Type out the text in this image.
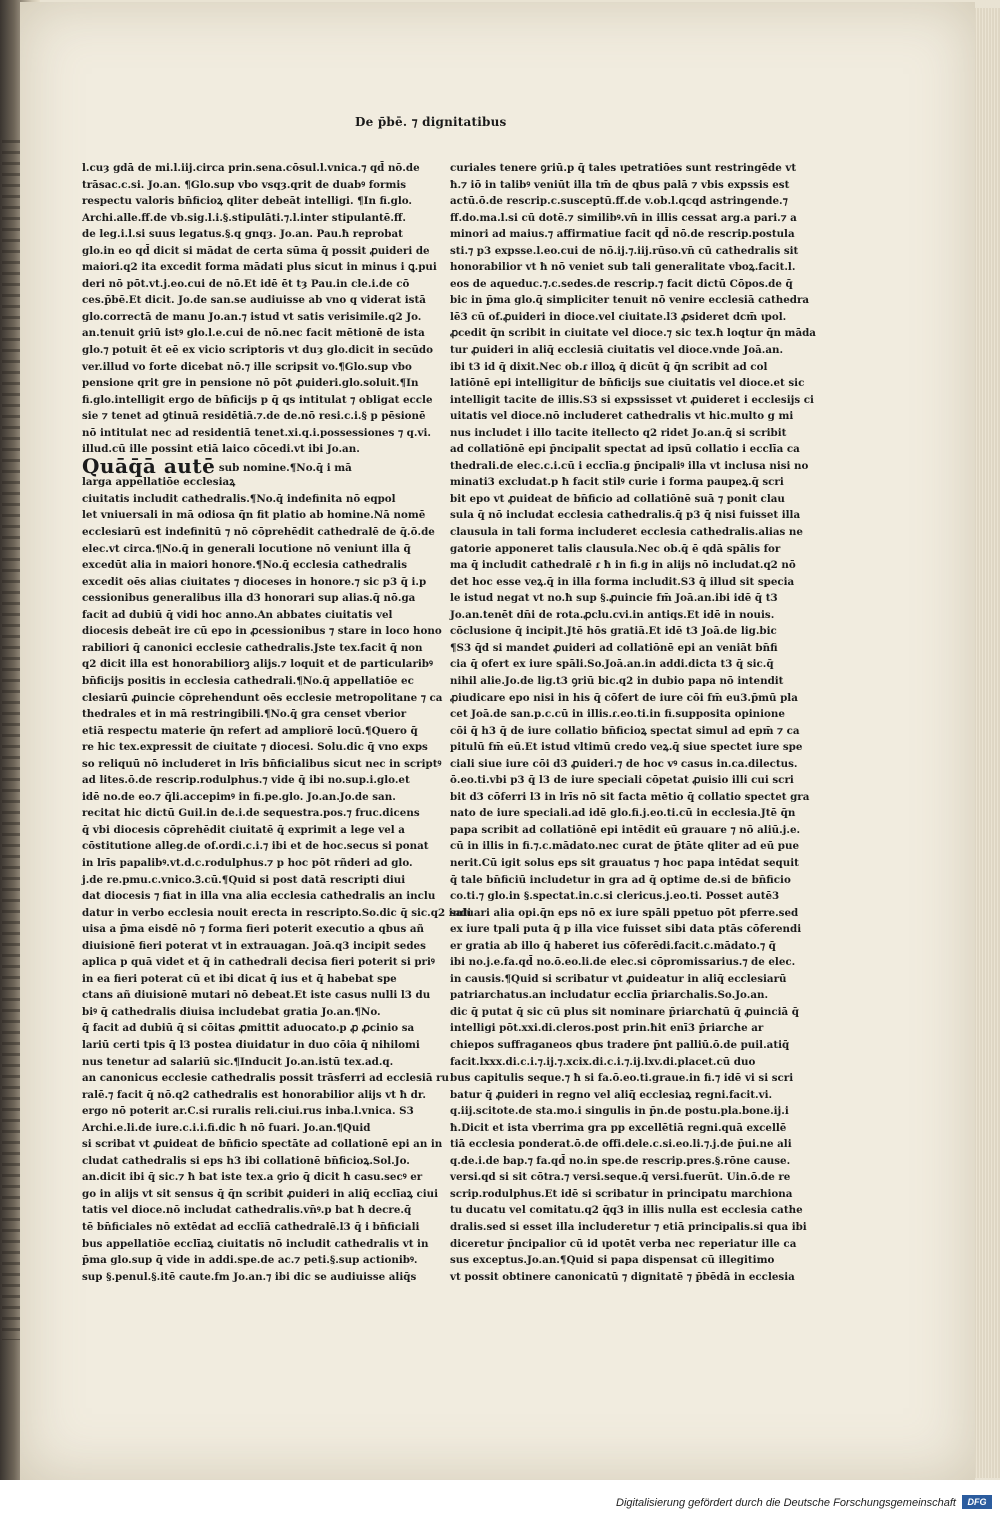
De p̄bē. ⁊ dignitatibus
l.cuȝ gdā de mi.l.iij.circa prin.sena.cōsul.l.vnica.⁊ qd̄ nō.de
trāsac.c.si. Jo.an. ¶Glo.sup vbo vsqȝ.qrit de duabꝰ formis
respectu valoris bn̄ficioꝝ qliter debeāt intelligi. ¶In fi.glo.
Archi.alle.ff.de vb.sig.l.i.§.stipulāti.⁊.l.inter stipulantē.ff.
de leg.i.l.si suus legatus.§.q gnqȝ. Jo.an. Pau.ħ reprobat
glo.in eo qd̄ dicit si mādat de certa sūma q̄ possit ꝓuideri de
maiori.q2 ita excedit forma mādati plus sicut in minus i ꝗ.pui
deri nō pōt.vt.j.eo.cui de nō.Et idē ēt tȝ Pau.in cle.i.de cō
ces.p̄bē.Et dicit. Jo.de san.se audiuisse ab vno q viderat istā
glo.correctā de manu Jo.an.⁊ istud vt satis verisimile.q2 Jo.
an.tenuit ꝯriū istꝰ glo.l.e.cui de nō.nec facit mētionē de ista
glo.⁊ potuit ēt eē ex vicio scriptoris vt duȝ glo.dicit in secūdo
ver.illud vo forte dicebat nō.⁊ ille scripsit vo.¶Glo.sup vbo
pensione qrit gre in pensione nō pōt ꝓuideri.glo.soluit.¶In
fi.glo.intelligit ergo de bn̄ficijs p q̄ qs intitulat ⁊ obligat eccle
sie ⁊ tenet ad ꝯtinuā residētiā.⁊.de de.nō resi.c.i.§ p pēsionē
nō intitulat nec ad residentiā tenet.xi.q.i.possessiones ⁊ q.vi.
illud.cū ille possint etiā laico cōcedi.vt ibi Jo.an.
Quāq̄ā autē sub nomine.¶No.q̄ i mā
larga appellatiōe ecclesiaꝝ
ciuitatis includit cathedralis.¶No.q̄ indefinita nō eqpol
let vniuersali in mā odiosa q̄n fit platio ab homine.Nā nomē
ecclesiarū est indefinitū ⁊ nō cōprehēdit cathedralē de q̄.ō.de
elec.vt circa.¶No.q̄ in generali locutione nō veniunt illa q̄
excedūt alia in maiori honore.¶No.q̄ ecclesia cathedralis
excedit oēs alias ciuitates ⁊ dioceses in honore.⁊ sic p3 q̄ i.p
cessionibus generalibus illa d3 honorari sup alias.q̄ nō.ga
facit ad dubiū q̄ vidi hoc anno.An abbates ciuitatis vel
diocesis debeāt ire cū epo in ꝓcessionibus ⁊ stare in loco hono
rabiliori q̄ canonici ecclesie cathedralis.Jste tex.facit q̄ non
q2 dicit illa est honorabiliorꝫ alijs.⁊ loquit et de particularibꝰ
bn̄ficijs positis in ecclesia cathedrali.¶No.q̄ appellatiōe ec
clesiarū ꝓuincie cōprehendunt oēs ecclesie metropolitane ⁊ ca
thedrales et in mā restringibili.¶No.q̄ gra censet vberior
etiā respectu materie q̄n refert ad ampliorē locū.¶Quero q̄
re hic tex.expressit de ciuitate ⁊ diocesi. Solu.dic q̄ vno exps
so reliquū nō includeret in lrīs bn̄ficialibus sicut nec in scriptꝰ
ad lites.ō.de rescrip.rodulphus.⁊ vide q̄ ibi no.sup.i.glo.et
idē no.de eo.⁊ q̄li.accepimꝰ in fi.pe.glo. Jo.an.Jo.de san.
recitat hic dictū Guil.in de.i.de sequestra.pos.⁊ fruc.dicens
q̄ vbi diocesis cōprehēdit ciuitatē q̄ exprimit a lege vel a
cōstitutione alleg.de of.ordi.c.i.⁊ ibi et de hoc.secus si ponat
in lrīs papalibꝰ.vt.d.c.rodulphus.⁊ p hoc pōt rñderi ad glo.
j.de re.pmu.c.vnico.Ꝫ.cū.¶Quid si post datā rescripti diui
dat diocesis ⁊ fiat in illa vna alia ecclesia cathedralis an inclu
datur in verbo ecclesia nouit erecta in rescripto.So.dic q̄ sic.q2 indi
uisa a p̄ma eisdē nō ⁊ forma fieri poterit executio a qbus añ
diuisionē fieri poterat vt in extrauagan. Joā.q3 incipit sedes
aplica p quā videt et q̄ in cathedrali decisa fieri poterit si priꝰ
in ea fieri poterat cū et ibi dicat q̄ ius et q̄ habebat spe
ctans añ diuisionē mutari nō debeat.Et iste casus nulli l3 du
biꝰ q̄ cathedralis diuisa includebat gratia Jo.an.¶No.
q̄ facit ad dubiū q̄ si cōitas ꝓmittit aduocato.p ꝓ ꝓcinio sa
lariū certi tpis q̄ l3 postea diuidatur in duo cōia q̄ nihilomi
nus tenetur ad salariū sic.¶Inducit Jo.an.istū tex.ad.q.
an canonicus ecclesie cathedralis possit trāsferri ad ecclesiā ru
ralē.⁊ facit q̄ nō.q2 cathedralis est honorabilior alijs vt ħ dr.
ergo nō poterit ar.C.si ruralis reli.ciui.rus inba.l.vnica. S3
Archi.e.li.de iure.c.i.i.fi.dic ħ nō fuari. Jo.an.¶Quid
si scribat vt ꝓuideat de bn̄ficio spectāte ad collationē epi an in
cludat cathedralis si eps h3 ibi collationē bn̄ficioꝝ.Sol.Jo.
an.dicit ibi q̄ sic.⁊ ħ bat iste tex.a ꝯrio q̄ dicit ħ casu.secꝰ er
go in alijs vt sit sensus q̄ q̄n scribit ꝓuideri in aliq̄ ecclīaꝝ ciui
tatis vel dioce.nō includat cathedralis.vn̄ꝰ.p bat ħ decre.q̄
tē bn̄ficiales nō extēdat ad ecclīā cathedralē.l3 q̄ i bn̄ficiali
bus appellatiōe ecclīaꝝ ciuitatis nō includit cathedralis vt in
p̄ma glo.sup q̄ vide in addi.spe.de ac.⁊ peti.§.sup actionibꝰ.
sup §.penul.§.itē caute.fm Jo.an.⁊ ibi dic se audiuisse aliq̄s
curiales tenere ꝯriū.p q̄ tales ɩpetratiōes sunt restringēde vt
ħ.⁊ iō in talibꝰ veniūt illa tm̄ de qbus palā ⁊ vbis expssis est
actū.ō.de rescrip.c.susceptū.ff.de v.ob.l.qcqd astringende.⁊
ff.do.ma.l.si cū dotē.⁊ similibꝰ.vn̄ in illis cessat arg.a pari.⁊ a
minori ad maius.⁊ affirmatiue facit qd̄ nō.de rescrip.postula
sti.⁊ p3 expsse.l.eo.cui de nō.ij.⁊.iij.rūso.vn̄ cū cathedralis sit
honorabilior vt ħ nō veniet sub tali generalitate vboꝝ.facit.l.
eos de aqueduc.⁊.c.sedes.de rescrip.⁊ facit dictū Cōpos.de q̄
bic in p̄ma glo.q̄ simpliciter tenuit nō venire ecclesiā cathedra
lē3 cū of.ꝓuideri in dioce.vel ciuitate.l3 ꝓsideret dcm̄ ɩpol.
ꝓcedit q̄n scribit in ciuitate vel dioce.⁊ sic tex.ħ loqtur q̄n māda
tur ꝓuideri in aliq̄ ecclesiā ciuitatis vel dioce.vnde Joā.an.
ibi t3 id q̄ dixit.Nec ob.ɾ illoꝝ q̄ dicūt q̄ q̄n scribit ad col
latiōnē epi intelligitur de bn̄ficijs sue ciuitatis vel dioce.et sic
intelligit tacite de illis.S3 si expssisset vt ꝓuideret i ecclesijs ci
uitatis vel dioce.nō includeret cathedralis vt hic.multo g mi
nus includet i illo tacite itellecto q2 ridet Jo.an.q̄ si scribit
ad collatiōnē epi p̄ncipalit spectat ad ipsū collatio i ecclīa ca
thedrali.de elec.c.i.cū i ecclīa.g p̄ncipaliꝰ illa vt inclusa nisi no
minati3 excludat.p ħ facit stilꝰ curie i forma paupeꝝ.q̄ scri
bit epo vt ꝓuideat de bn̄ficio ad collatiōnē suā ⁊ ponit clau
sula q̄ nō includat ecclesia cathedralis.q̄ p3 q̄ nisi fuisset illa
clausula in tali forma includeret ecclesia cathedralis.alias ne
gatorie apponeret talis clausula.Nec ob.q̄ ē qdā spālis for
ma q̄ includit cathedralē ɾ ħ in fi.g in alijs nō includat.q2 nō
det hoc esse veꝝ.q̄ in illa forma includit.S3 q̄ illud sit specia
le istud negat vt no.ħ sup §.ꝓuincie fm̄ Joā.an.ibi idē q̄ t3
Jo.an.tenēt dn̄i de rota.ꝓclu.cvi.in antiqs.Et idē in nouis.
cōclusione q̄ incipit.Jtē hōs gratiā.Et idē t3 Joā.de lig.bic
¶S3 q̄d si mandet ꝓuideri ad collatiōnē epi an veniāt bn̄fi
cia q̄ ofert ex iure spāli.So.Joā.an.in addi.dicta t3 q̄ sic.q̄
nihil alie.Jo.de lig.t3 ꝯriū bic.q2 in dubio papa nō intendit
ꝓiudicare epo nisi in his q̄ cōfert de iure cōi fm̄ eu3.p̄mū pla
cet Joā.de san.p.c.cū in illis.ɾ.eo.ti.in fi.supposita opinione
cōi q̄ h3 q̄ de iure collatio bn̄ficioꝝ spectat simul ad epm̄ ⁊ ca
pitulū fm̄ eū.Et istud vltimū credo veꝝ.q̄ siue spectet iure spe
ciali siue iure cōi d3 ꝓuideri.⁊ de hoc vꝰ casus in.ca.dilectus.
ō.eo.ti.vbi p3 q̄ l3 de iure speciali cōpetat ꝓuisio illi cui scri
bit d3 cōferri l3 in lrīs nō sit facta mētio q̄ collatio spectet gra
nato de iure speciali.ad idē glo.fi.j.eo.ti.cū in ecclesia.Jtē q̄n
papa scribit ad collatiōnē epi intēdit eū grauare ⁊ nō aliū.j.e.
cū in illis in fi.⁊.c.mādato.nec curat de p̄tāte qliter ad eū pue
nerit.Cū igit solus eps sit grauatus ⁊ hoc papa intēdat sequit
q̄ tale bn̄ficiū includetur in gra ad q̄ optime de.si de bn̄ficio
co.ti.⁊ glo.in §.spectat.in.c.si clericus.j.eo.ti. Posset autē3
saluari alia opi.q̄n eps nō ex iure spāli ppetuo pōt pferre.sed
ex iure tpali puta q̄ p illa vice fuisset sibi data ptās cōferendi
er gratia ab illo q̄ haberet ius cōferēdi.facit.c.mādato.⁊ q̄
ibi no.j.e.fa.qd̄ no.ō.eo.li.de elec.si cōpromissarius.⁊ de elec.
in causis.¶Quid si scribatur vt ꝓuideatur in aliq̄ ecclesiarū
patriarchatus.an includatur ecclīa p̄riarchalis.So.Jo.an.
dic q̄ putat q̄ sic cū plus sit nominare p̄riarchatū q̄ ꝓuinciā q̄
intelligi pōt.xxi.di.cleros.post prin.ħit enī3 p̄riarche ar
chiepos suffraganeos qbus tradere p̄nt palliū.ō.de puil.atiq̄
facit.lxxx.di.c.i.⁊.ij.⁊.xcix.di.c.i.⁊.ij.lxv.di.placet.cū duo
bus capitulis seque.⁊ ħ si fa.ō.eo.ti.graue.in fi.⁊ idē vi si scri
batur q̄ ꝓuideri in regno vel aliq̄ ecclesiaꝝ regni.facit.vi.
q.iij.scitote.de sta.mo.i singulis in p̄n.de postu.pla.bone.ij.i
ħ.Dicit et ista vberrima gra pp excellētiā regni.quā excellē
tiā ecclesia ponderat.ō.de offi.dele.c.si.eo.li.⁊.j.de p̄ui.ne ali
q.de.i.de bap.⁊ fa.qd̄ no.in spe.de rescrip.pres.§.rōne cause.
versi.qd si sit cōtra.⁊ versi.seque.q̄ versi.fuerūt. Uin.ō.de re
scrip.rodulphus.Et idē si scribatur in principatu marchiona
tu ducatu vel comitatu.q2 q̄q3 in illis nulla est ecclesia cathe
dralis.sed si esset illa includeretur ⁊ etiā principalis.si qua ibi
diceretur p̄ncipalior cū id ɩpotēt verba nec reperiatur ille ca
sus exceptus.Jo.an.¶Quid si papa dispensat cū illegitimo
vt possit obtinere canonicatū ⁊ dignitatē ⁊ p̄bēdā in ecclesia
Digitalisierung gefördert durch die Deutsche Forschungsgemeinschaft	DFG
